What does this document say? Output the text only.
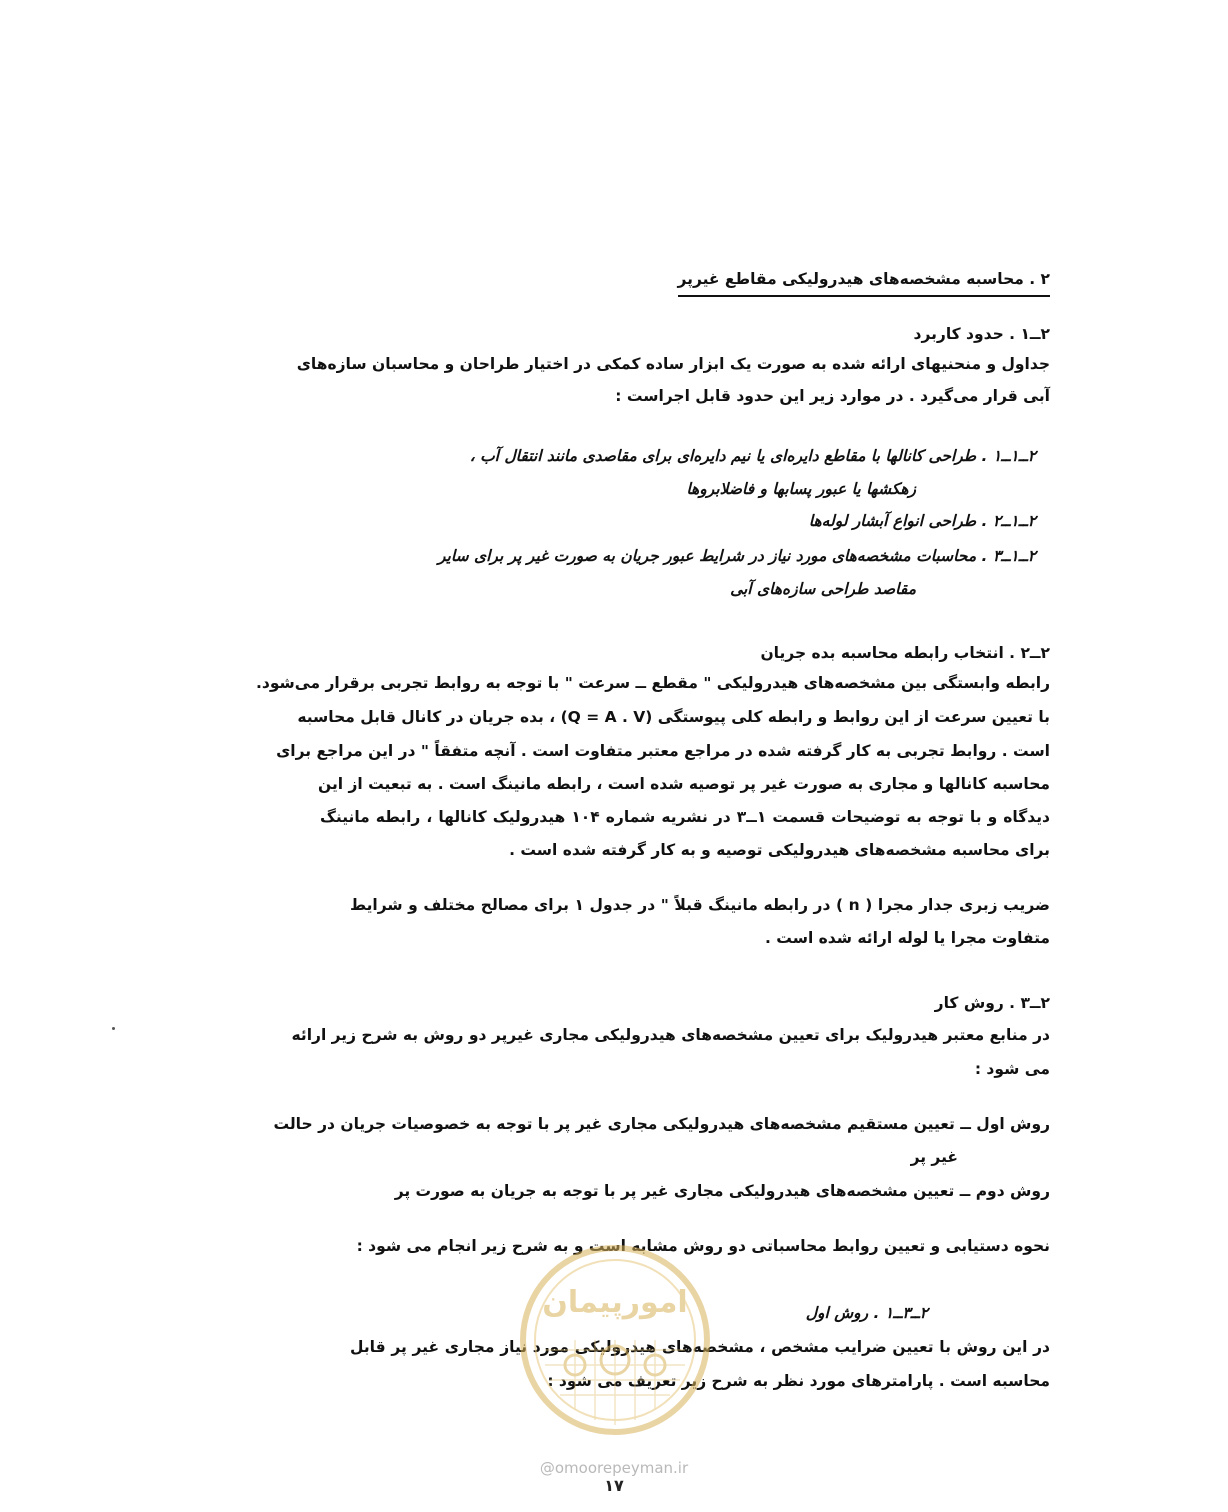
۲ . محاسبه مشخصه‌های هیدرولیکی مقاطع غیرپر
۲ــ۱ . حدود کاربرد
جداول و منحنیهای ارائه شده به صورت یک ابزار ساده کمکی در اختیار طراحان و محاسبان سازه‌های
آبی قرار می‌گیرد . در موارد زیر این حدود قابل اجراست :
۲ــ۱ــ۱ . طراحی کانالها با مقاطع دایره‌ای یا نیم دایره‌ای برای مقاصدی مانند انتقال آب ،
زهکشها یا عبور پسابها و فاضلابروها
۲ــ۱ــ۲ . طراحی انواع آبشار لوله‌ها
۲ــ۱ــ۳ . محاسبات مشخصه‌های مورد نیاز در شرایط عبور جریان به صورت غیر پر برای سایر
مقاصد طراحی سازه‌های آبی
۲ــ۲ . انتخاب رابطه محاسبه بده جریان
رابطه وابستگی بین مشخصه‌های هیدرولیکی " مقطع ــ سرعت " با توجه به روابط تجربی برقرار می‌شود.
با تعیین سرعت از این روابط و رابطه کلی پیوستگی (Q = A . V) ، بده جریان در کانال قابل محاسبه
است . روابط تجربی به کار گرفته شده در مراجع معتبر متفاوت است . آنچه متفقاً " در این مراجع برای
محاسبه کانالها و مجاری به صورت غیر پر توصیه شده است ، رابطه مانینگ است . به تبعیت از این
دیدگاه و با توجه به توضیحات قسمت ۱ــ۳ در نشریه شماره ۱۰۴ هیدرولیک کانالها ، رابطه مانینگ
برای محاسبه مشخصه‌های هیدرولیکی توصیه و به کار گرفته شده است .
ضریب زبری جدار مجرا ( n ) در رابطه مانینگ قبلاً " در جدول ۱ برای مصالح مختلف و شرایط
متفاوت مجرا یا لوله ارائه شده است .
۲ــ۳ . روش کار
در منابع معتبر هیدرولیک برای تعیین مشخصه‌های هیدرولیکی مجاری غیرپر دو روش به شرح زیر ارائه
می شود :
روش اول ــ تعیین مستقیم مشخصه‌های هیدرولیکی مجاری غیر پر با توجه به خصوصیات جریان در حالت
غیر پر
روش دوم ــ تعیین مشخصه‌های هیدرولیکی مجاری غیر پر با توجه به جریان به صورت پر
نحوه دستیابی و تعیین روابط محاسباتی دو روش مشابه است و به شرح زیر انجام می شود :
۲ــ۳ــ۱ . روش اول
در این روش با تعیین ضرایب مشخص ، مشخصه‌های هیدرولیکی مورد نیاز مجاری غیر پر قابل
محاسبه است . پارامترهای مورد نظر به شرح زیر تعریف می شود :
امورپیمان
@omoorepeyman.ir
۱۷
